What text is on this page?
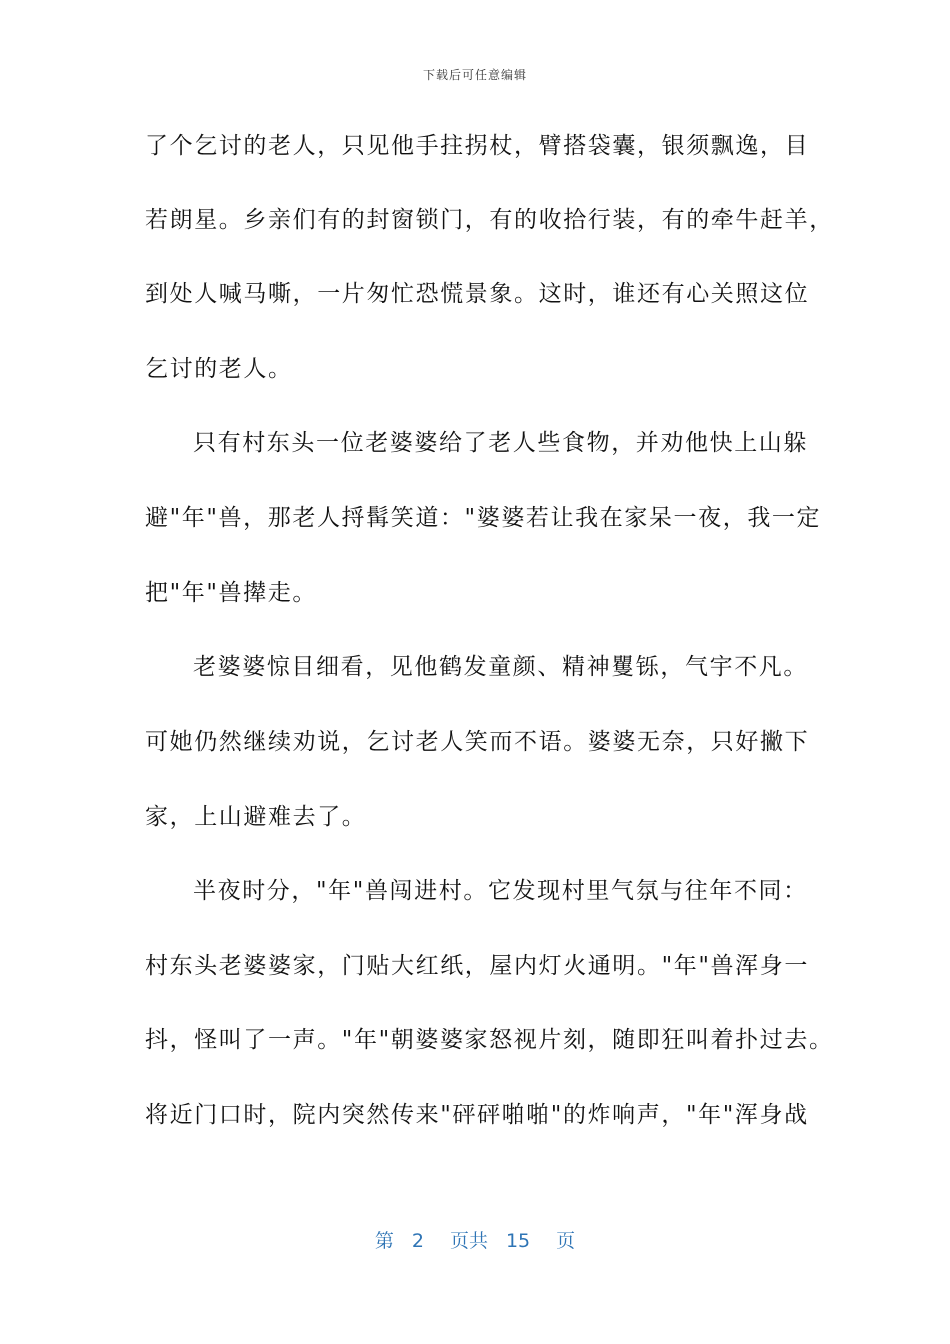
下载后可任意编辑
了个乞讨的老人，只见他手拄拐杖，臂搭袋囊，银须飘逸，目
若朗星。乡亲们有的封窗锁门，有的收拾行装，有的牵牛赶羊，
到处人喊马嘶，一片匆忙恐慌景象。这时，谁还有心关照这位
乞讨的老人。
只有村东头一位老婆婆给了老人些食物，并劝他快上山躲
避"年"兽，那老人捋髯笑道："婆婆若让我在家呆一夜，我一定
把"年"兽撵走。
老婆婆惊目细看，见他鹤发童颜、精神矍铄，气宇不凡。
可她仍然继续劝说，乞讨老人笑而不语。婆婆无奈，只好撇下
家，上山避难去了。
半夜时分，"年"兽闯进村。它发现村里气氛与往年不同：
村东头老婆婆家，门贴大红纸，屋内灯火通明。"年"兽浑身一
抖，怪叫了一声。"年"朝婆婆家怒视片刻，随即狂叫着扑过去。
将近门口时，院内突然传来"砰砰啪啪"的炸响声，"年"浑身战
第 2 页共 15 页
